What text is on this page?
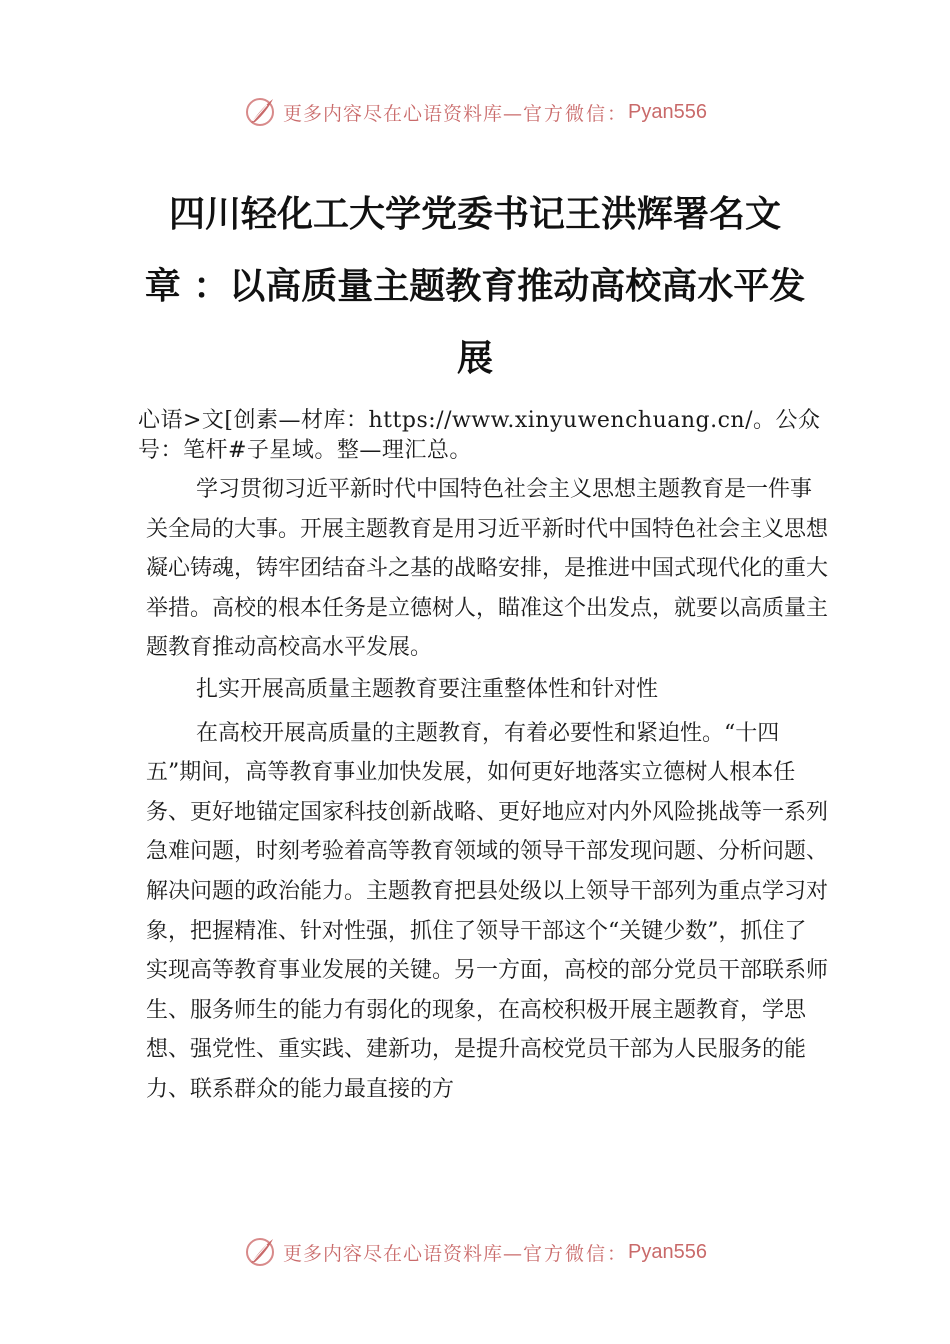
更多内容尽在心语资料库— 官方微信： Pyan556
四川轻化工大学党委书记王洪辉署名文
章 ：以高质量主题教育推动高校高水平发
展

心语>文[创素—材库：https://www.xinyuwenchuang.cn/。公众号：笔杆#子星域。整—理汇总。

学习贯彻习近平新时代中国特色社会主义思想主题教育是一件事关全局的大事。开展主题教育是用习近平新时代中国特色社会主义思想凝心铸魂，铸牢团结奋斗之基的战略安排，是推进中国式现代化的重大举措。高校的根本任务是立德树人，瞄准这个出发点，就要以高质量主题教育推动高校高水平发展。

扎实开展高质量主题教育要注重整体性和针对性

在高校开展高质量的主题教育，有着必要性和紧迫性。“十四五”期间，高等教育事业加快发展，如何更好地落实立德树人根本任务、更好地锚定国家科技创新战略、更好地应对内外风险挑战等一系列急难问题，时刻考验着高等教育领域的领导干部发现问题、分析问题、解决问题的政治能力。主题教育把县处级以上领导干部列为重点学习对象，把握精准、针对性强，抓住了领导干部这个“关键少数”，抓住了实现高等教育事业发展的关键。另一方面，高校的部分党员干部联系师生、服务师生的能力有弱化的现象，在高校积极开展主题教育，学思想、强党性、重实践、建新功，是提升高校党员干部为人民服务的能力、联系群众的能力最直接的方

更多内容尽在心语资料库— 官方微信： Pyan556
